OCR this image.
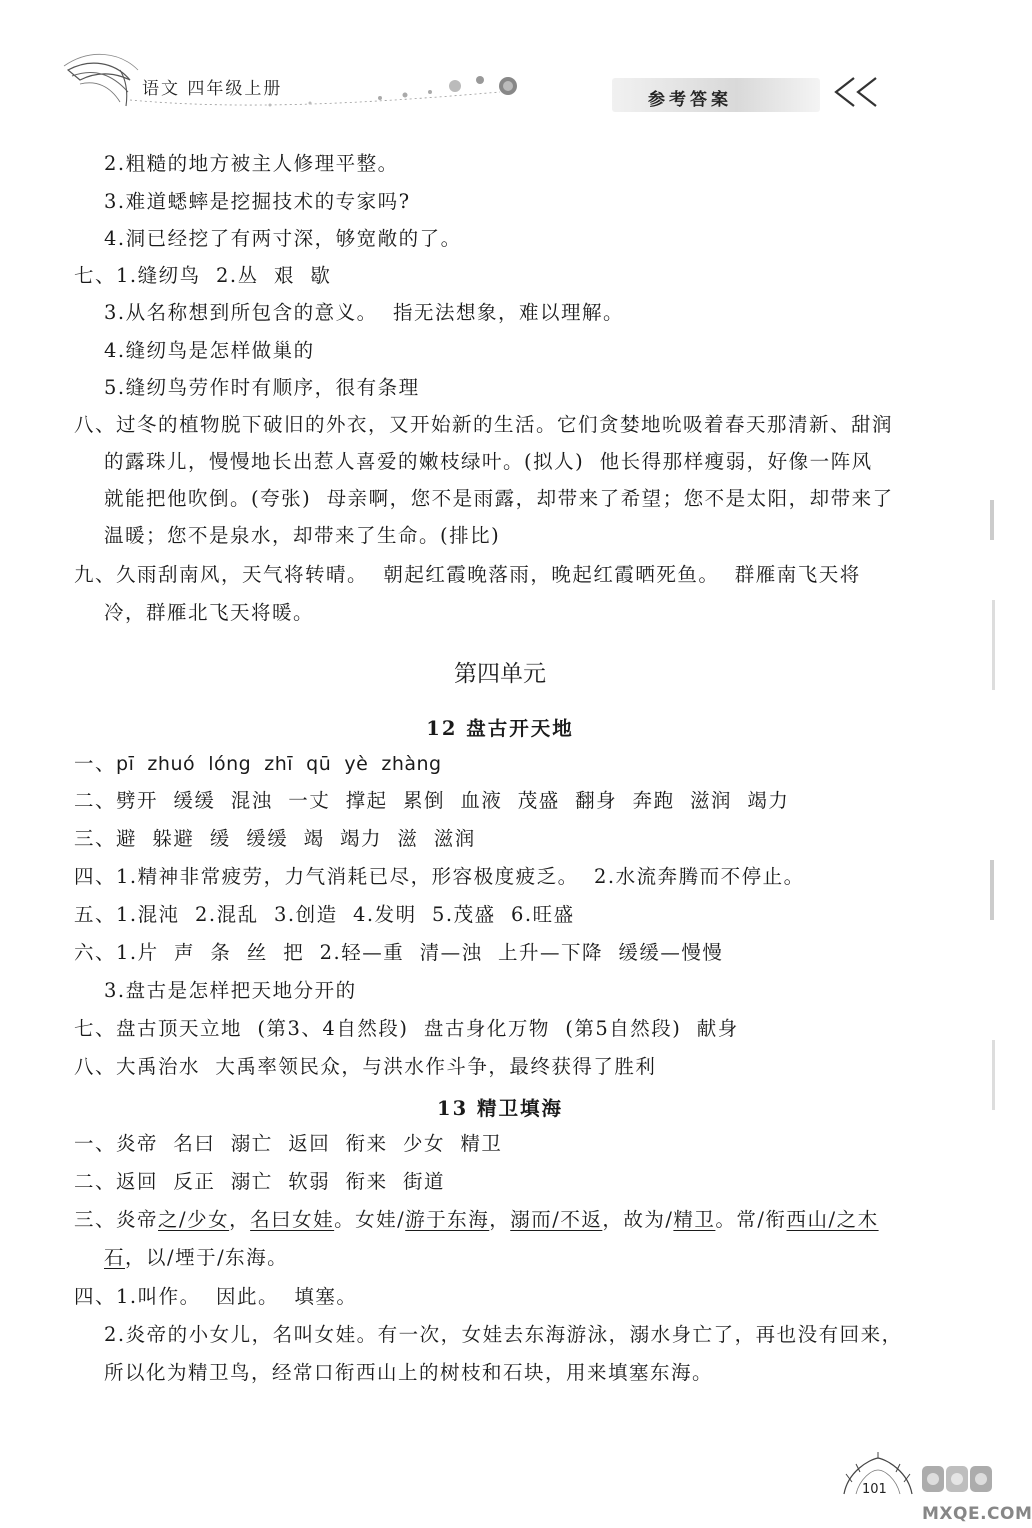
语文 四年级上册
参考答案
2.粗糙的地方被主人修理平整。
3.难道蟋蟀是挖掘技术的专家吗?
4.洞已经挖了有两寸深，够宽敞的了。
七、1.缝纫鸟  2.丛  艰  歇
3.从名称想到所包含的意义。  指无法想象，难以理解。
4.缝纫鸟是怎样做巢的
5.缝纫鸟劳作时有顺序，很有条理
八、过冬的植物脱下破旧的外衣，又开始新的生活。它们贪婪地吮吸着春天那清新、甜润
的露珠儿，慢慢地长出惹人喜爱的嫩枝绿叶。(拟人)  他长得那样瘦弱，好像一阵风
就能把他吹倒。(夸张)  母亲啊，您不是雨露，却带来了希望；您不是太阳，却带来了
温暖；您不是泉水，却带来了生命。(排比)
九、久雨刮南风，天气将转晴。  朝起红霞晚落雨，晚起红霞晒死鱼。  群雁南飞天将
冷，群雁北飞天将暖。
第四单元
12 盘古开天地
一、pī  zhuó  lóng  zhī  qū  yè  zhàng
二、劈开  缓缓  混浊  一丈  撑起  累倒  血液  茂盛  翻身  奔跑  滋润  竭力
三、避  躲避  缓  缓缓  竭  竭力  滋  滋润
四、1.精神非常疲劳，力气消耗已尽，形容极度疲乏。  2.水流奔腾而不停止。
五、1.混沌  2.混乱  3.创造  4.发明  5.茂盛  6.旺盛
六、1.片  声  条  丝  把  2.轻—重  清—浊  上升—下降  缓缓—慢慢
3.盘古是怎样把天地分开的
七、盘古顶天立地  (第3、4自然段)  盘古身化万物  (第5自然段)  献身
八、大禹治水  大禹率领民众，与洪水作斗争，最终获得了胜利
13 精卫填海
一、炎帝  名曰  溺亡  返回  衔来  少女  精卫
二、返回  反正  溺亡  软弱  衔来  街道
三、炎帝之/少女，名曰女娃。女娃/游于东海，溺而/不返，故为/精卫。常/衔西山/之木
石，以/堙于/东海。
四、1.叫作。  因此。  填塞。
2.炎帝的小女儿，名叫女娃。有一次，女娃去东海游泳，溺水身亡了，再也没有回来，
所以化为精卫鸟，经常口衔西山上的树枝和石块，用来填塞东海。
101
MXQE.COM
